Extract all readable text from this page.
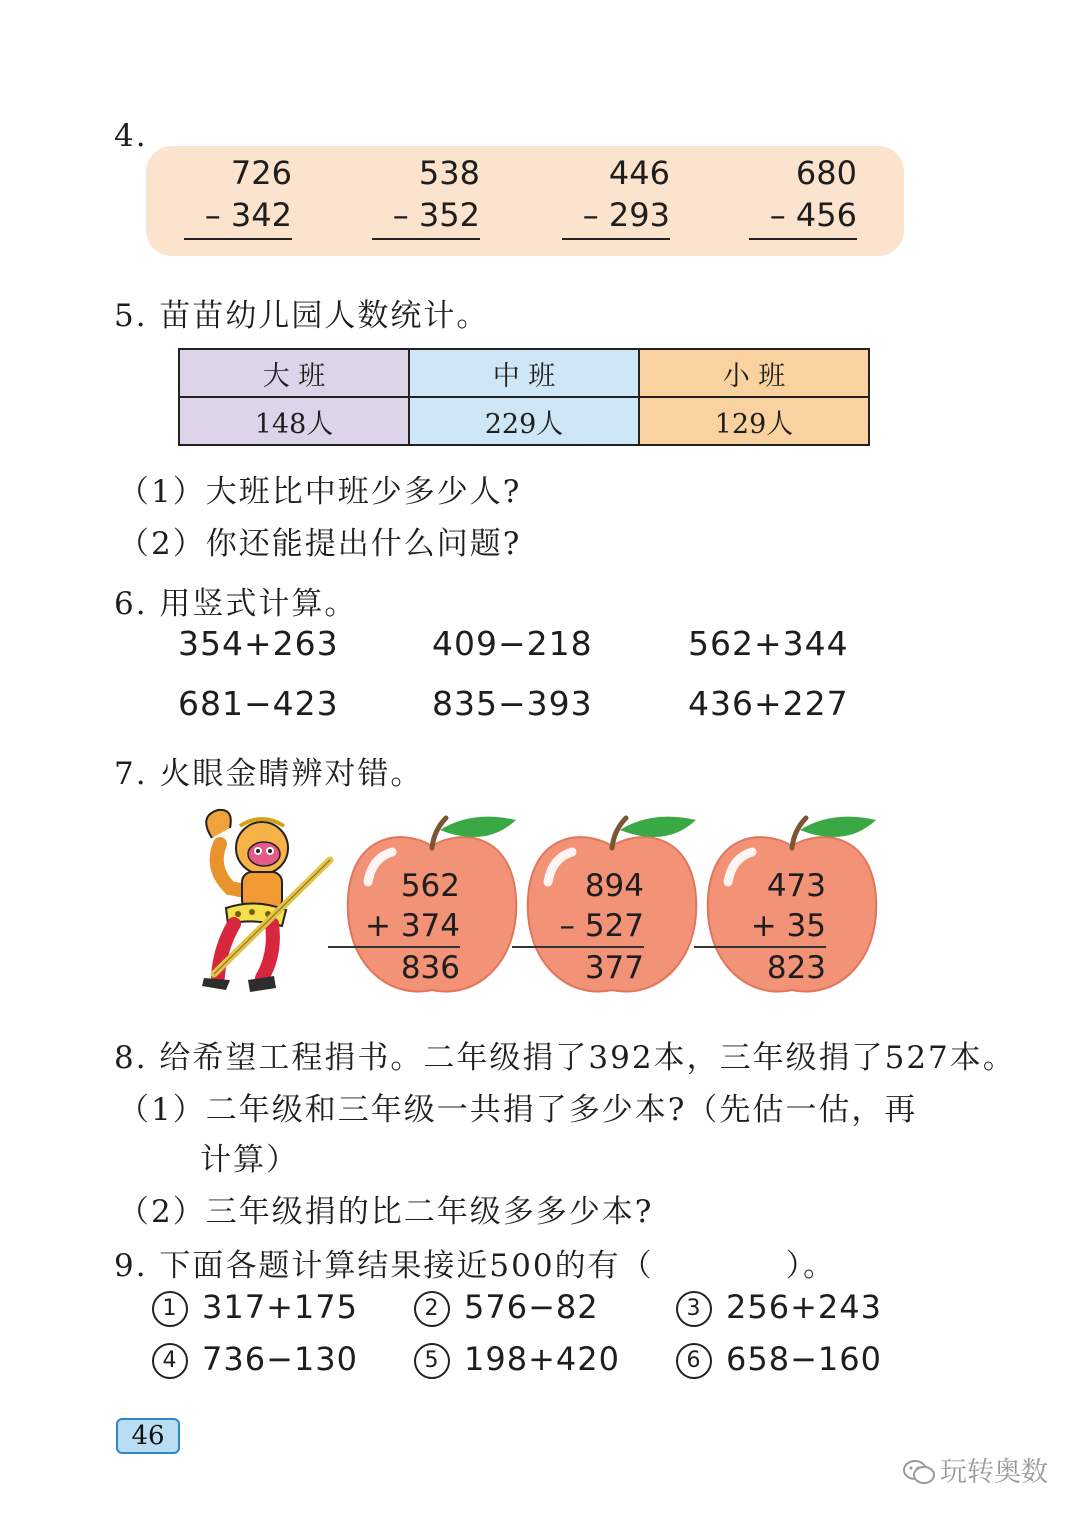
4.
726
– 342
538
– 352
446
– 293
680
– 456
5. 苗苗幼儿园人数统计。
大 班	中 班	小 班
148人	229人	129人
（1）大班比中班少多少人?
（2）你还能提出什么问题?
6. 用竖式计算。
354+263	409−218	562+344
681−423	835−393	436+227
7. 火眼金睛辨对错。
562
+ 374
836
894
– 527
377
473
+ 35
823
8. 给希望工程捐书。二年级捐了392本，三年级捐了527本。
（1）二年级和三年级一共捐了多少本?（先估一估，再
计算）
（2）三年级捐的比二年级多多少本?
9. 下面各题计算结果接近500的有（　　　　）。
1 317+175	2 576−82	3 256+243
4 736−130	5 198+420	6 658−160
46
玩转奥数
